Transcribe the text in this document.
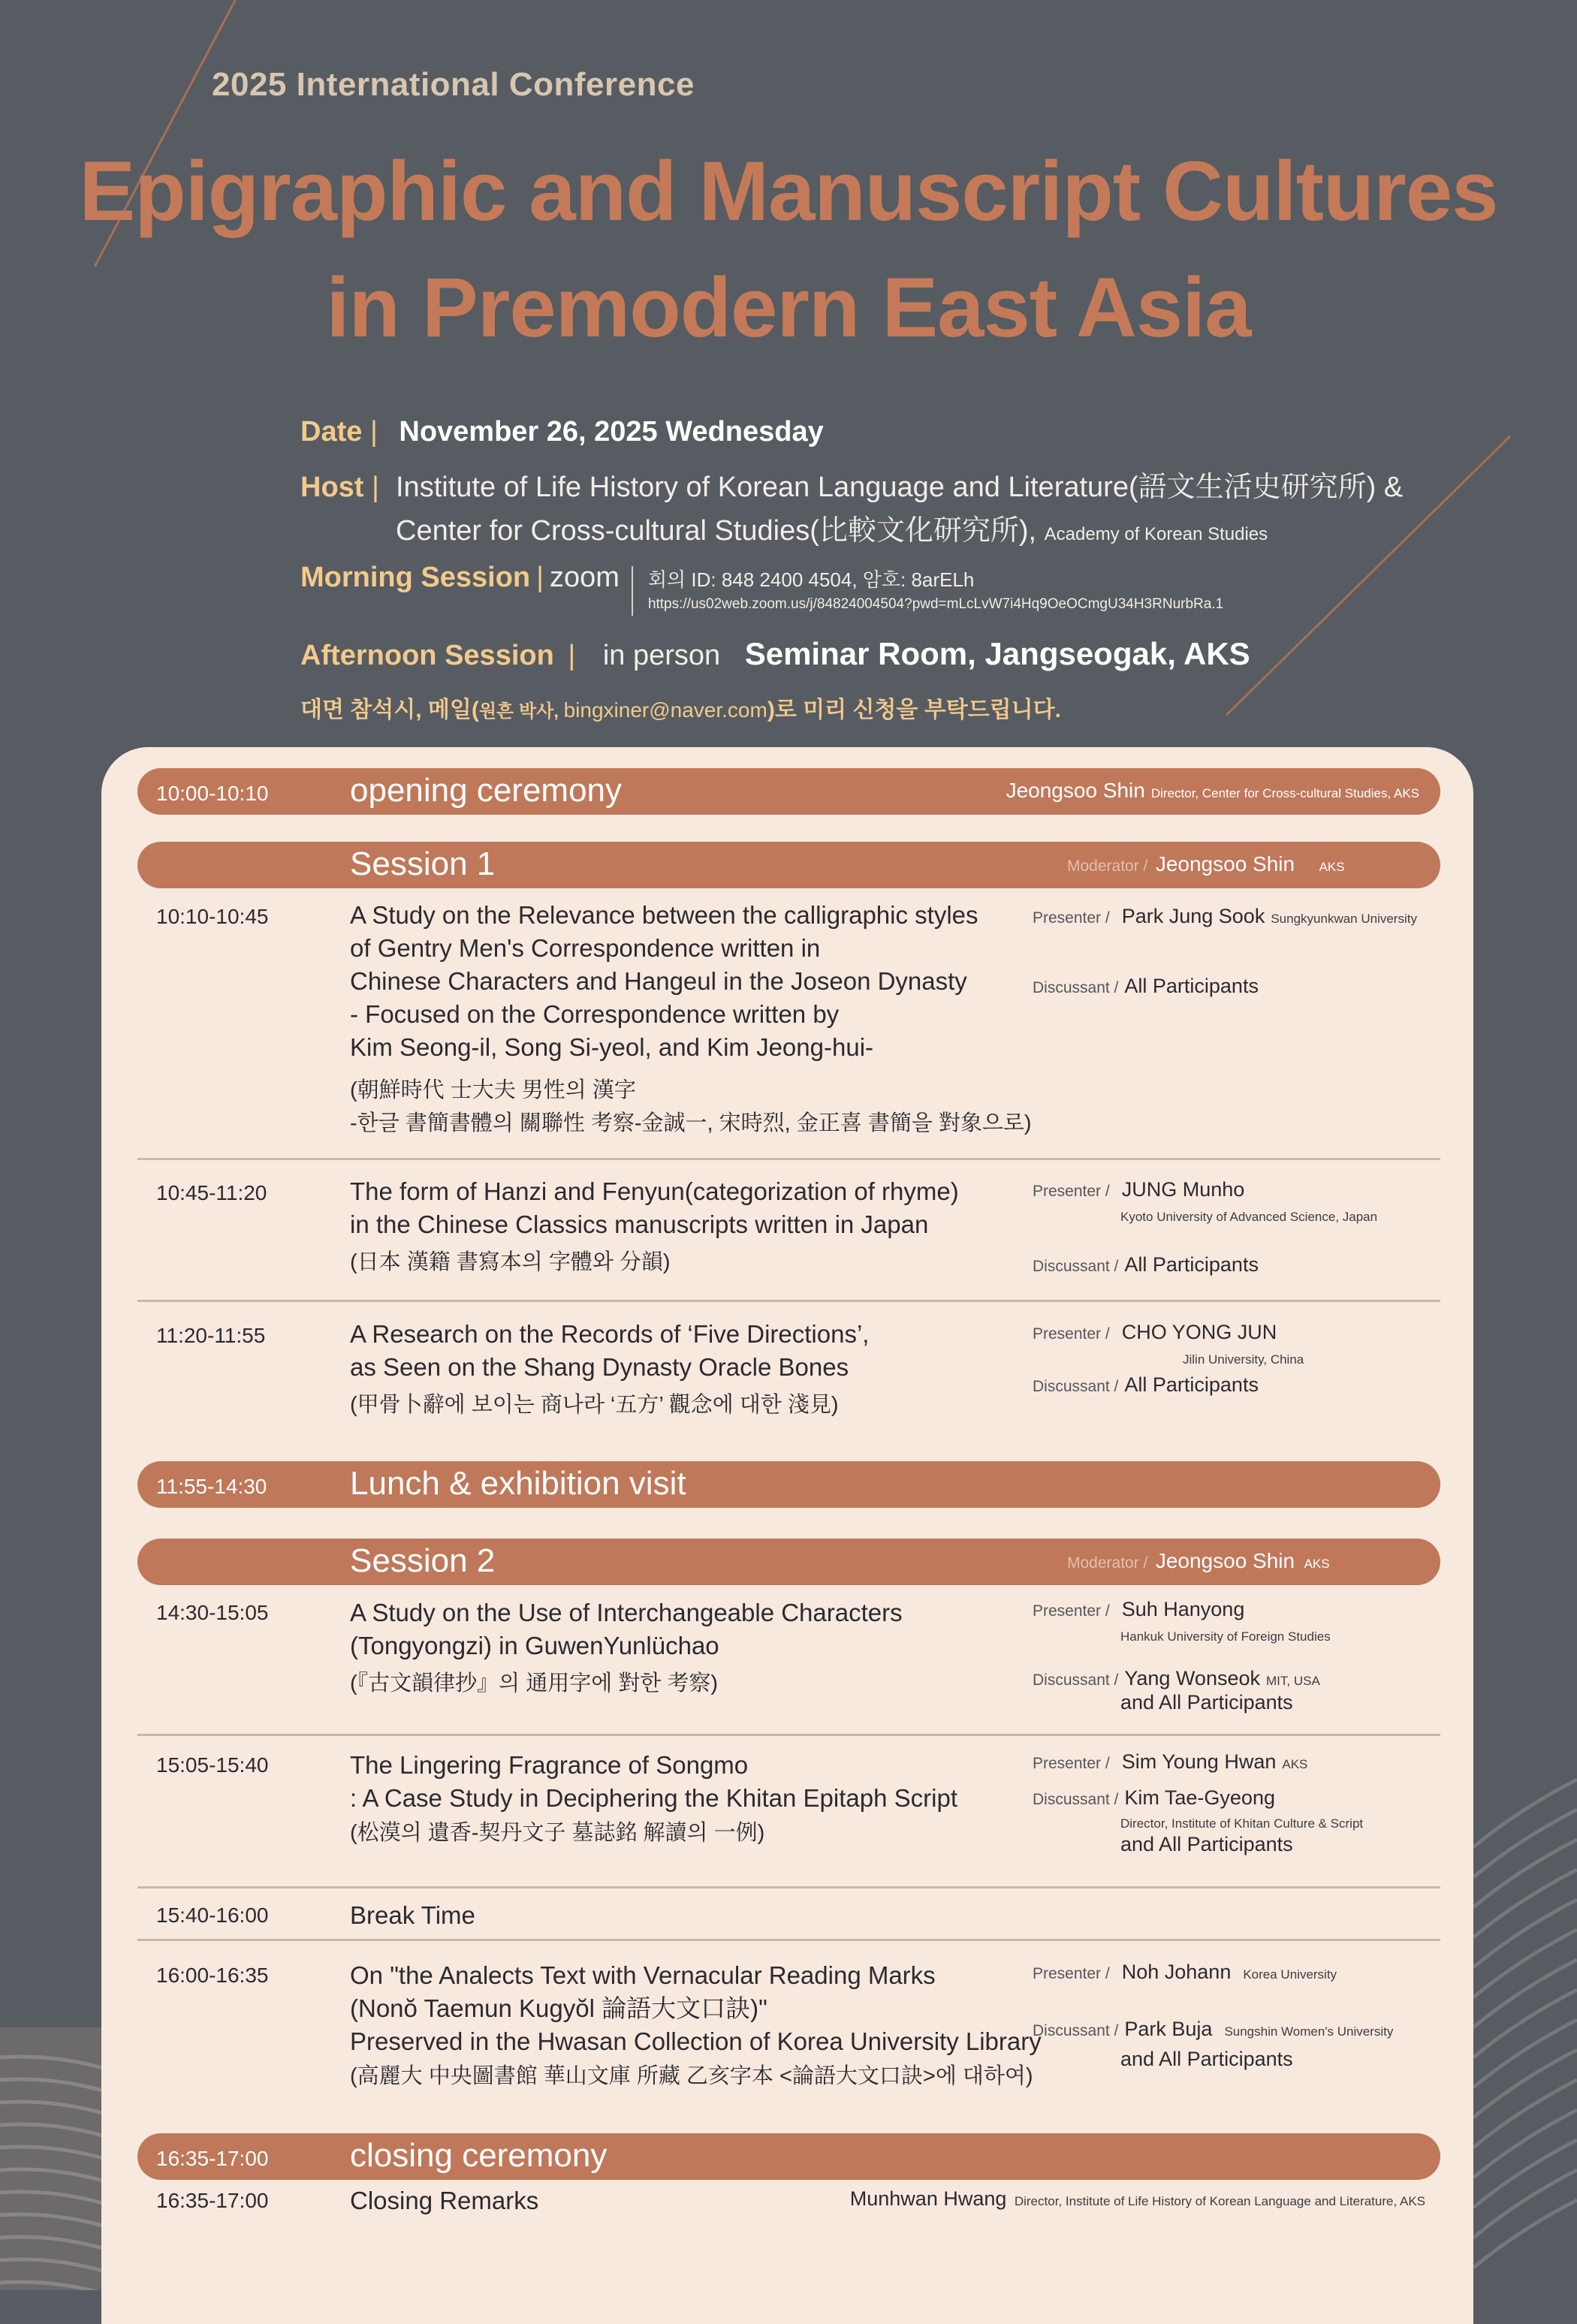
2025 International Conference
Epigraphic and Manuscript Cultures
in Premodern East Asia
Date | November 26, 2025 Wednesday
Host | Institute of Life History of Korean Language and Literature(語文生活史研究所) &
Center for Cross-cultural Studies(比較文化研究所), Academy of Korean Studies
Morning Session | zoom 회의 ID: 848 2400 4504, 암호: 8arELh
https://us02web.zoom.us/j/84824004504?pwd=mLcLvW7i4Hq9OeOCmgU34H3RNurbRa.1
Afternoon Session | in person Seminar Room, Jangseogak, AKS
대면 참석시, 메일(원흔 박사, bingxiner@naver.com)로 미리 신청을 부탁드립니다.
10:00-10:10 opening ceremony	Jeongsoo Shin Director, Center for Cross-cultural Studies, AKS
Session 1	Moderator / Jeongsoo Shin AKS
10:10-10:45	A Study on the Relevance between the calligraphic styles
of Gentry Men's Correspondence written in
Chinese Characters and Hangeul in the Joseon Dynasty
- Focused on the Correspondence written by
Kim Seong-il, Song Si-yeol, and Kim Jeong-hui-
(朝鮮時代 士大夫 男性의 漢字
-한글 書簡書體의 關聯性 考察-金誠一, 宋時烈, 金正喜 書簡을 對象으로)
Presenter / Park Jung Sook Sungkyunkwan University
Discussant / All Participants
10:45-11:20	The form of Hanzi and Fenyun(categorization of rhyme)
in the Chinese Classics manuscripts written in Japan
(日本 漢籍 書寫本의 字體와 分韻)
Presenter / JUNG Munho
Kyoto University of Advanced Science, Japan
Discussant / All Participants
11:20-11:55	A Research on the Records of ‘Five Directions’,
as Seen on the Shang Dynasty Oracle Bones
(甲骨卜辭에 보이는 商나라 ‘五方’ 觀念에 대한 淺見)
Presenter / CHO YONG JUN
Jilin University, China
Discussant / All Participants
11:55-14:30	Lunch & exhibition visit
Session 2	Moderator / Jeongsoo Shin AKS
14:30-15:05	A Study on the Use of Interchangeable Characters
(Tongyongzi) in GuwenYunlüchao
(『古文韻律抄』의 通用字에 對한 考察)
Presenter / Suh Hanyong
Hankuk University of Foreign Studies
Discussant / Yang Wonseok MIT, USA
and All Participants
15:05-15:40	The Lingering Fragrance of Songmo
: A Case Study in Deciphering the Khitan Epitaph Script
(松漠의 遺香-契丹文子 墓誌銘 解讀의 一例)
Presenter / Sim Young Hwan AKS
Discussant / Kim Tae-Gyeong
Director, Institute of Khitan Culture & Script
and All Participants
15:40-16:00	Break Time
16:00-16:35	On "the Analects Text with Vernacular Reading Marks
(Nonŏ Taemun Kugyŏl 論語大文口訣)"
Preserved in the Hwasan Collection of Korea University Library
(高麗大 中央圖書館 華山文庫 所藏 乙亥字本 <論語大文口訣>에 대하여)
Presenter / Noh Johann Korea University
Discussant / Park Buja Sungshin Women's University
and All Participants
16:35-17:00 closing ceremony
16:35-17:00	Closing Remarks	Munhwan Hwang Director, Institute of Life History of Korean Language and Literature, AKS
